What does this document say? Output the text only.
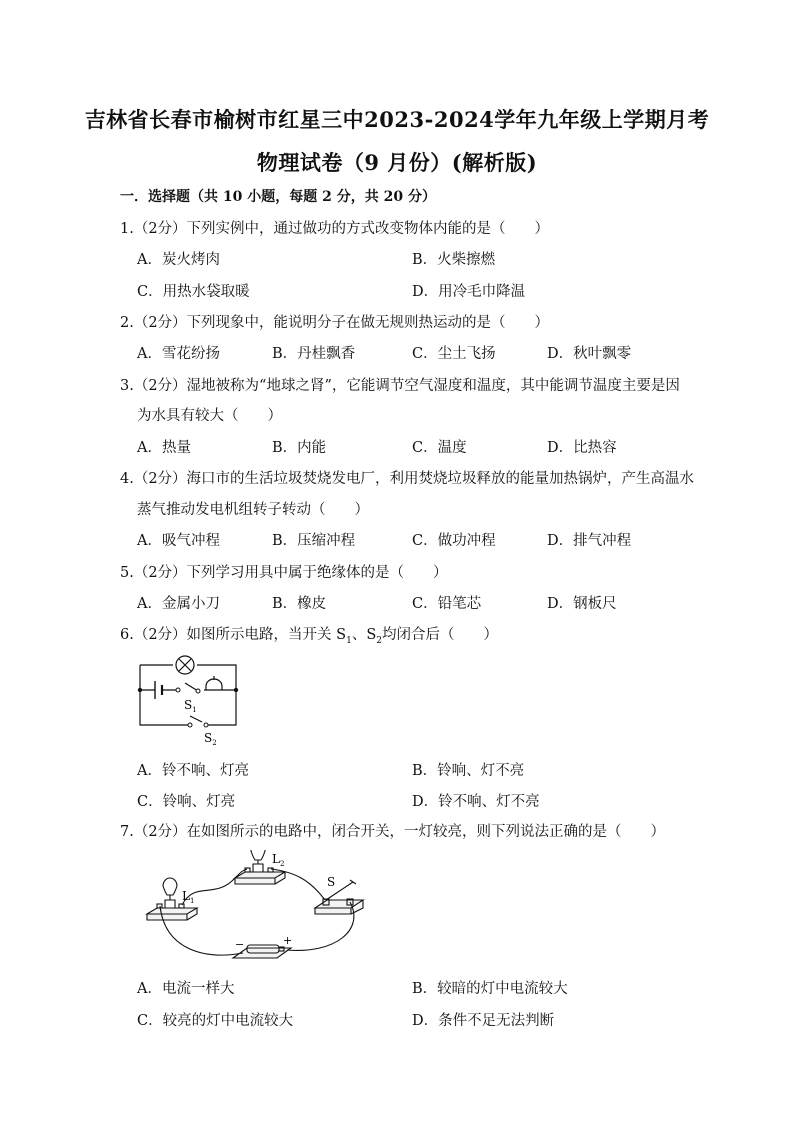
吉林省长春市榆树市红星三中2023-2024学年九年级上学期月考
物理试卷（9 月份）(解析版)
一．选择题（共 10 小题，每题 2 分，共 20 分）
1.（2分）下列实例中，通过做功的方式改变物体内能的是（　　）
A．炭火烤肉	B．火柴擦燃
C．用热水袋取暖	D．用冷毛巾降温
2.（2分）下列现象中，能说明分子在做无规则热运动的是（　　）
A．雪花纷扬	B．丹桂飘香	C．尘土飞扬	D．秋叶飘零
3.（2分）湿地被称为“地球之肾”，它能调节空气湿度和温度，其中能调节温度主要是因
为水具有较大（　　）
A．热量	B．内能	C．温度	D．比热容
4.（2分）海口市的生活垃圾焚烧发电厂，利用焚烧垃圾释放的能量加热锅炉，产生高温水
蒸气推动发电机组转子转动（　　）
A．吸气冲程	B．压缩冲程	C．做功冲程	D．排气冲程
5.（2分）下列学习用具中属于绝缘体的是（　　）
A．金属小刀	B．橡皮	C．铅笔芯	D．钢板尺
6.（2分）如图所示电路，当开关 $S_1$、$S_2$均闭合后（　　）
$S_1$
$S_2$
A．铃不响、灯亮	B．铃响、灯不亮
C．铃响、灯亮	D．铃不响、灯不亮
7.（2分）在如图所示的电路中，闭合开关，一灯较亮，则下列说法正确的是（　　）
$L_1$
$L_2$
S
−	+
A．电流一样大	B．较暗的灯中电流较大
C．较亮的灯中电流较大	D．条件不足无法判断
